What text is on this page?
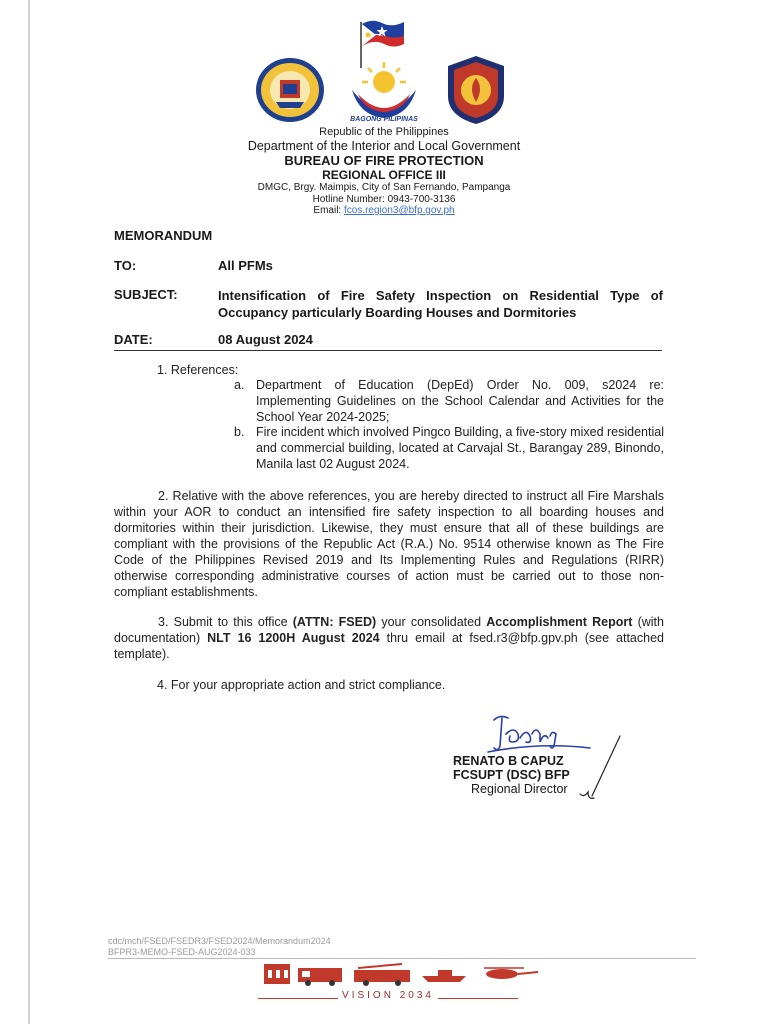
BAGONG PILIPINAS
Republic of the Philippines
Department of the Interior and Local Government
BUREAU OF FIRE PROTECTION
REGIONAL OFFICE III
DMGC, Brgy. Maimpis, City of San Fernando, Pampanga
Hotline Number: 0943-700-3136
Email: fcos.region3@bfp.gov.ph
MEMORANDUM
TO:	All PFMs
SUBJECT:	Intensification of Fire Safety Inspection on Residential Type of Occupancy particularly Boarding Houses and Dormitories
DATE:	08 August 2024
1. References:
a. Department of Education (DepEd) Order No. 009, s2024 re: Implementing Guidelines on the School Calendar and Activities for the School Year 2024-2025;
b. Fire incident which involved Pingco Building, a five-story mixed residential and commercial building, located at Carvajal St., Barangay 289, Binondo, Manila last 02 August 2024.
2. Relative with the above references, you are hereby directed to instruct all Fire Marshals within your AOR to conduct an intensified fire safety inspection to all boarding houses and dormitories within their jurisdiction. Likewise, they must ensure that all of these buildings are compliant with the provisions of the Republic Act (R.A.) No. 9514 otherwise known as The Fire Code of the Philippines Revised 2019 and Its Implementing Rules and Regulations (RIRR) otherwise corresponding administrative courses of action must be carried out to those non-compliant establishments.
3. Submit to this office (ATTN: FSED) your consolidated Accomplishment Report (with documentation) NLT 16 1200H August 2024 thru email at fsed.r3@bfp.gpv.ph (see attached template).
4. For your appropriate action and strict compliance.
RENATO B CAPUZ
FCSUPT (DSC) BFP
Regional Director
cdc/mch/FSED/FSEDR3/FSED2024/Memorandum2024
BFPR3-MEMO-FSED-AUG2024-033
VISION 2034
